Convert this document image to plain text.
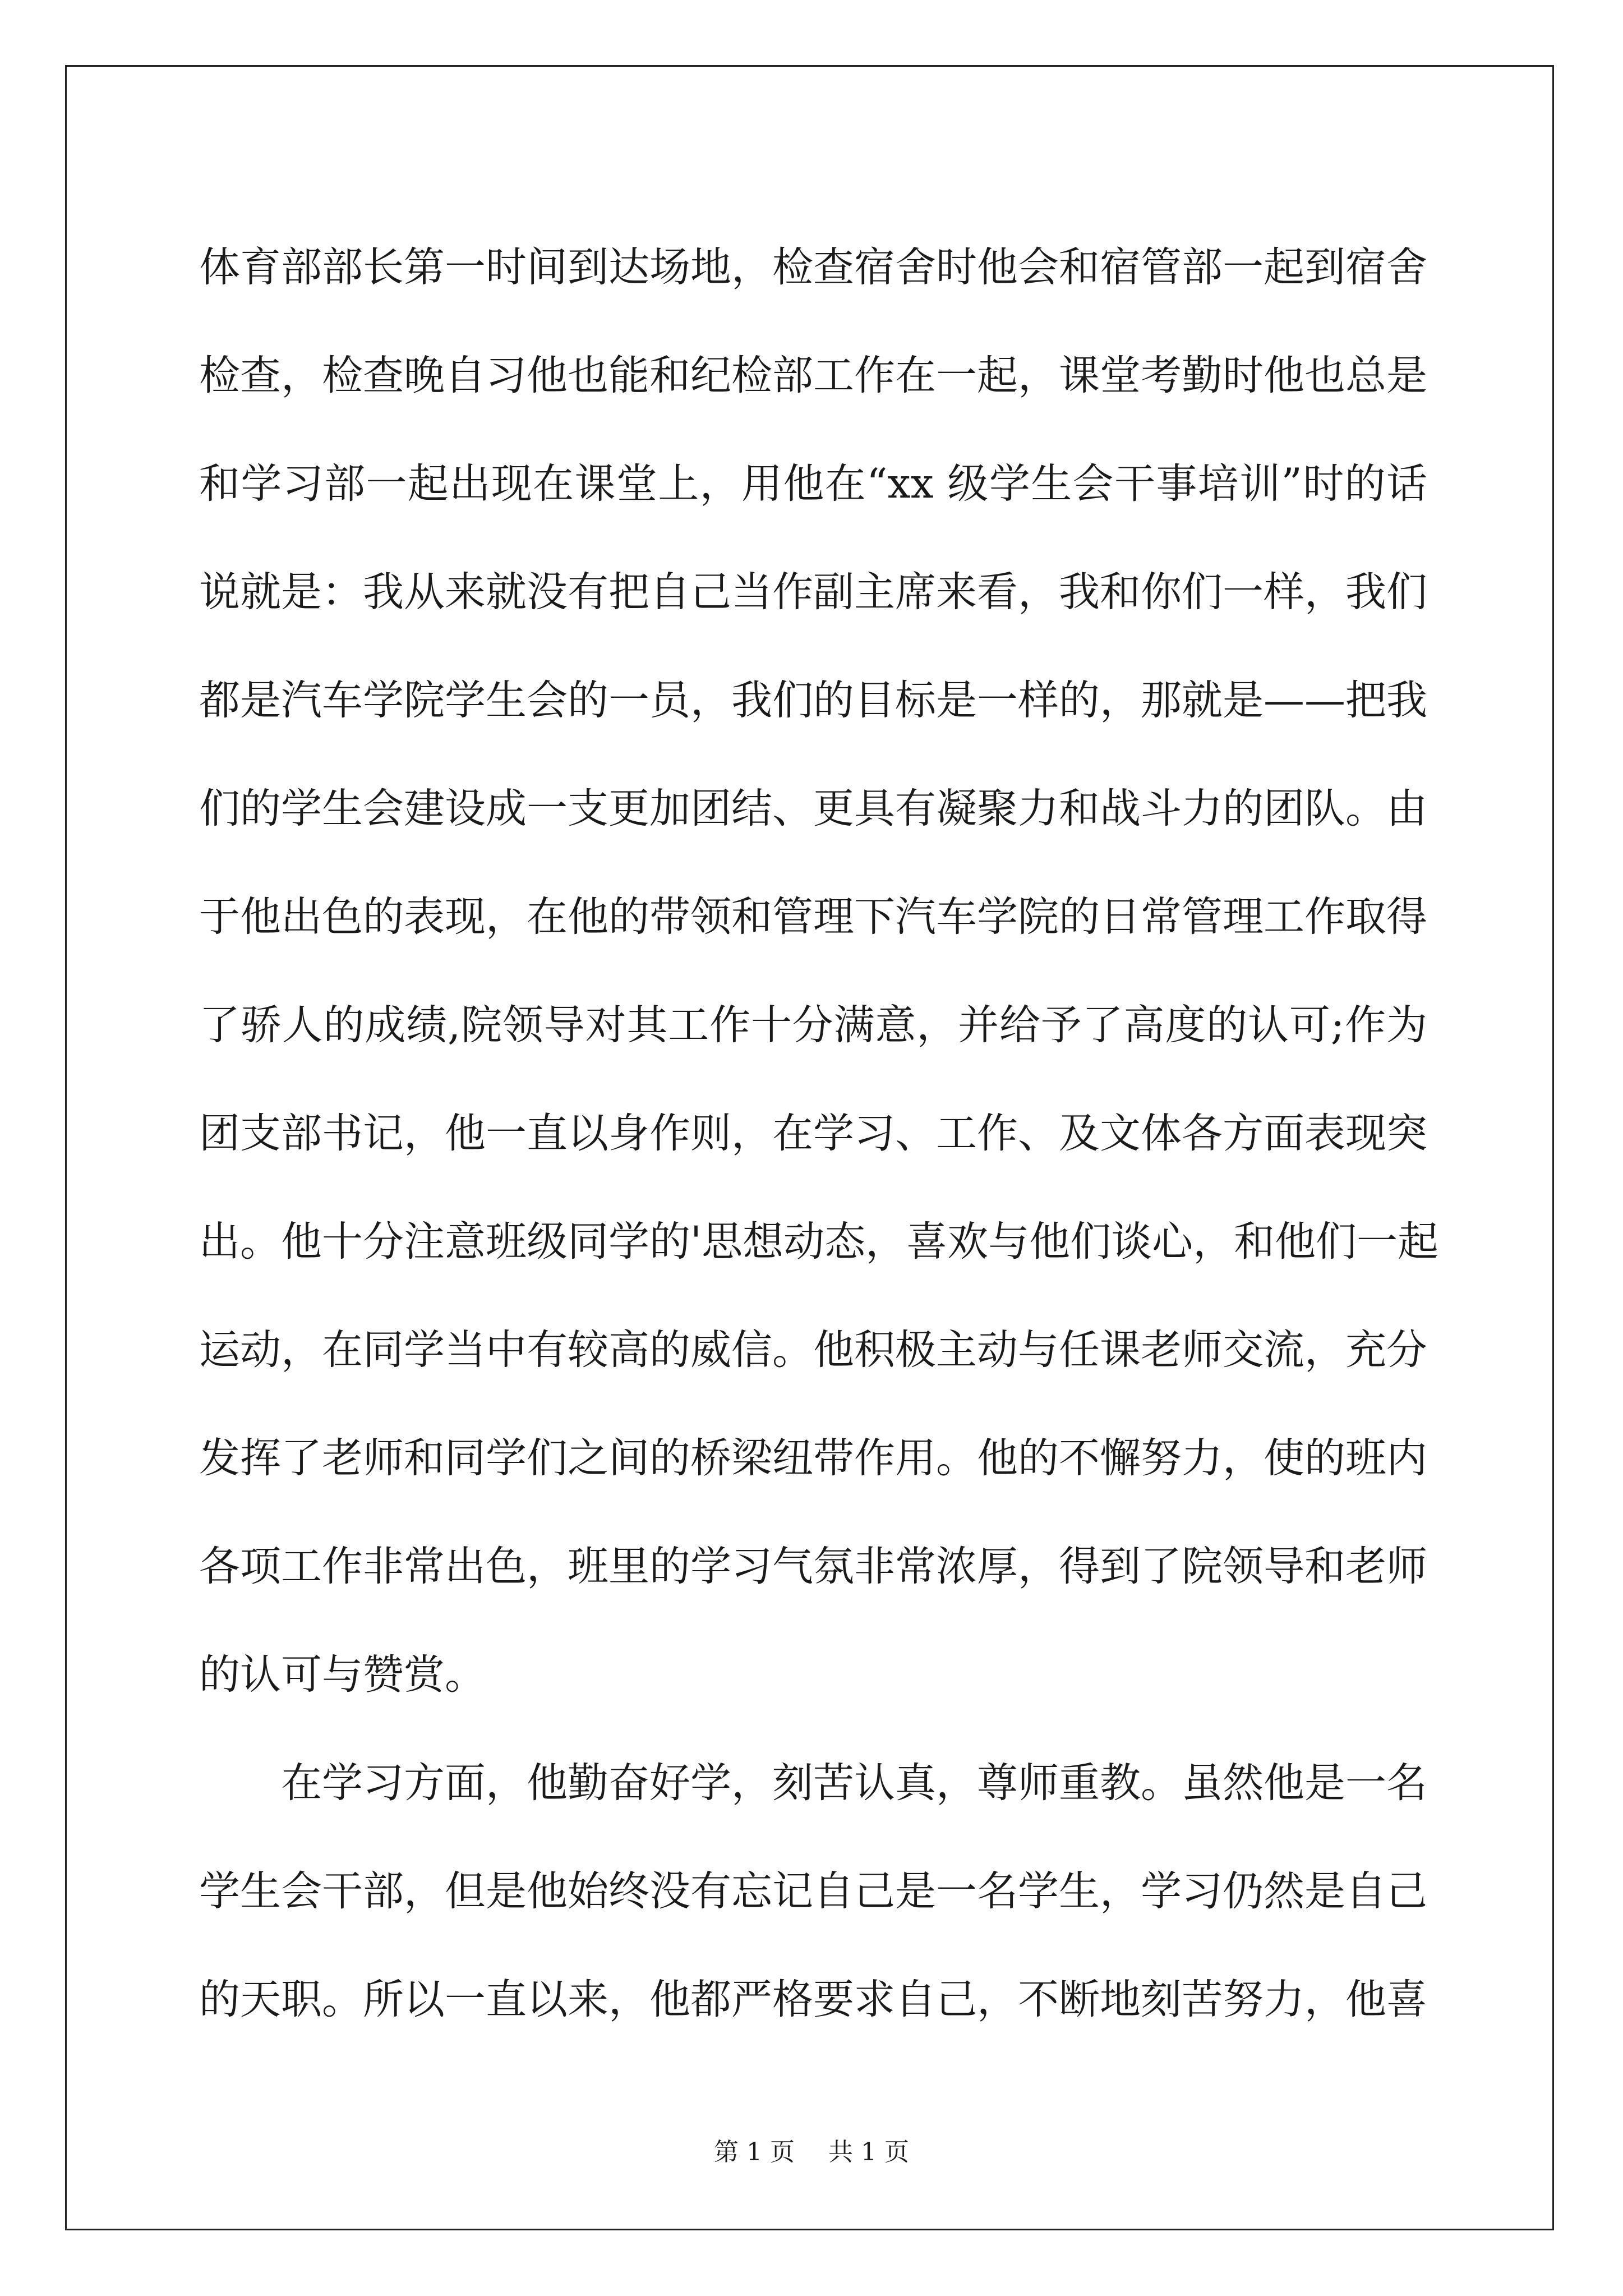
体育部部长第一时间到达场地，检查宿舍时他会和宿管部一起到宿舍
检查，检查晚自习他也能和纪检部工作在一起，课堂考勤时他也总是
和学习部一起出现在课堂上，用他在“xx 级学生会干事培训”时的话
说就是：我从来就没有把自己当作副主席来看，我和你们一样，我们
都是汽车学院学生会的一员，我们的目标是一样的，那就是——把我
们的学生会建设成一支更加团结、更具有凝聚力和战斗力的团队。由
于他出色的表现，在他的带领和管理下汽车学院的日常管理工作取得
了骄人的成绩,院领导对其工作十分满意，并给予了高度的认可;作为
团支部书记，他一直以身作则，在学习、工作、及文体各方面表现突
出。他十分注意班级同学的'思想动态，喜欢与他们谈心，和他们一起
运动，在同学当中有较高的威信。他积极主动与任课老师交流，充分
发挥了老师和同学们之间的桥梁纽带作用。他的不懈努力，使的班内
各项工作非常出色，班里的学习气氛非常浓厚，得到了院领导和老师
的认可与赞赏。
在学习方面，他勤奋好学，刻苦认真，尊师重教。虽然他是一名
学生会干部，但是他始终没有忘记自己是一名学生，学习仍然是自己
的天职。所以一直以来，他都严格要求自己，不断地刻苦努力，他喜
第 1 页 共 1 页
